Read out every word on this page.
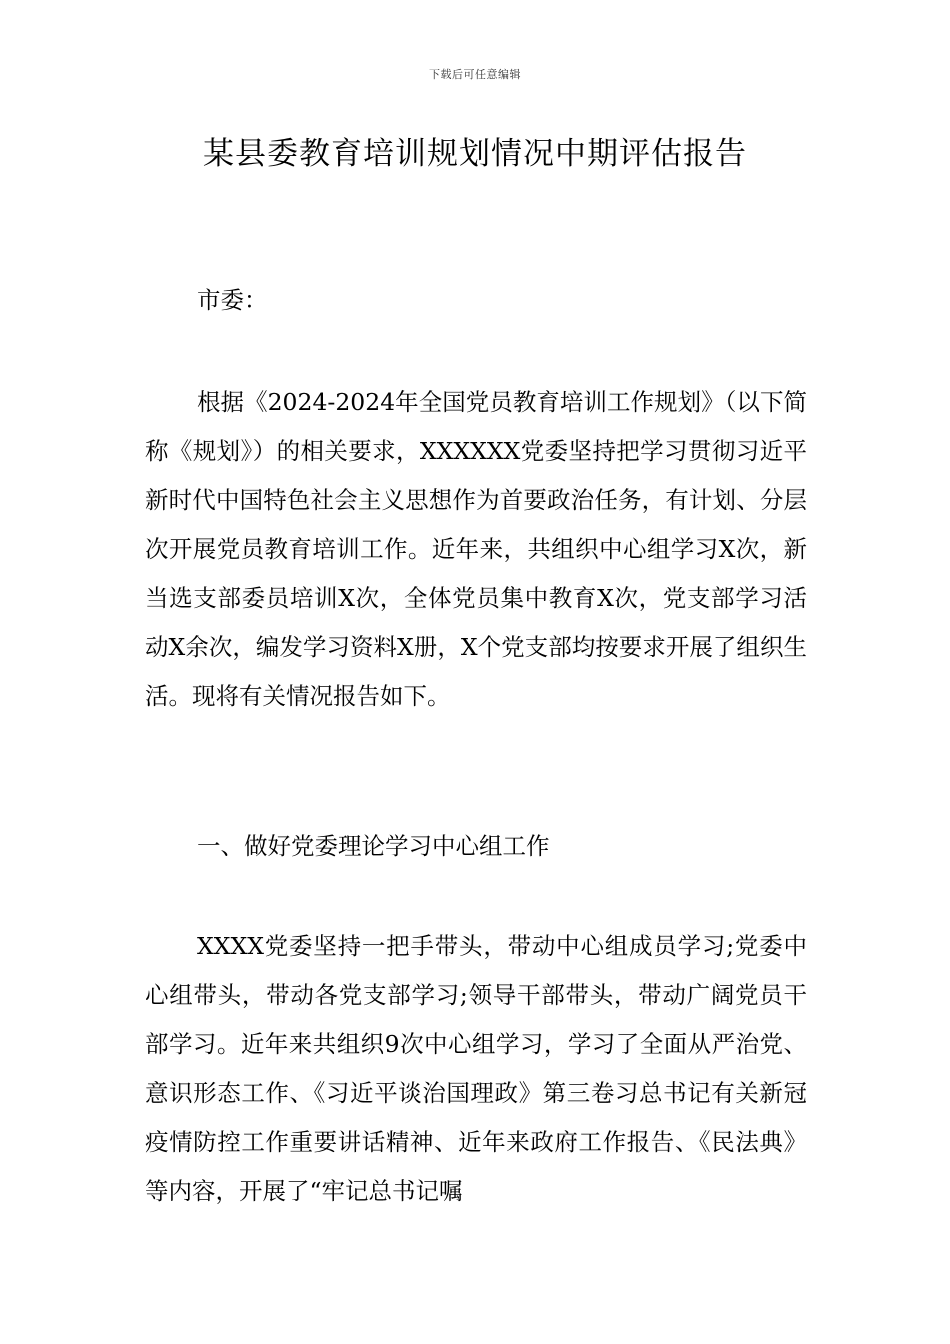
下载后可任意编辑
某县委教育培训规划情况中期评估报告

市委：

根据《2024-2024年全国党员教育培训工作规划》（以下简称《规划》）的相关要求，XXXXXX党委坚持把学习贯彻习近平新时代中国特色社会主义思想作为首要政治任务，有计划、分层次开展党员教育培训工作。近年来，共组织中心组学习X次，新当选支部委员培训X次，全体党员集中教育X次，党支部学习活动X余次，编发学习资料X册，X个党支部均按要求开展了组织生活。现将有关情况报告如下。

一、做好党委理论学习中心组工作

XXXX党委坚持一把手带头，带动中心组成员学习;党委中心组带头，带动各党支部学习;领导干部带头，带动广阔党员干部学习。近年来共组织9次中心组学习，学习了全面从严治党、意识形态工作、《习近平谈治国理政》第三卷习总书记有关新冠疫情防控工作重要讲话精神、近年来政府工作报告、《民法典》等内容，开展了“牢记总书记嘱
